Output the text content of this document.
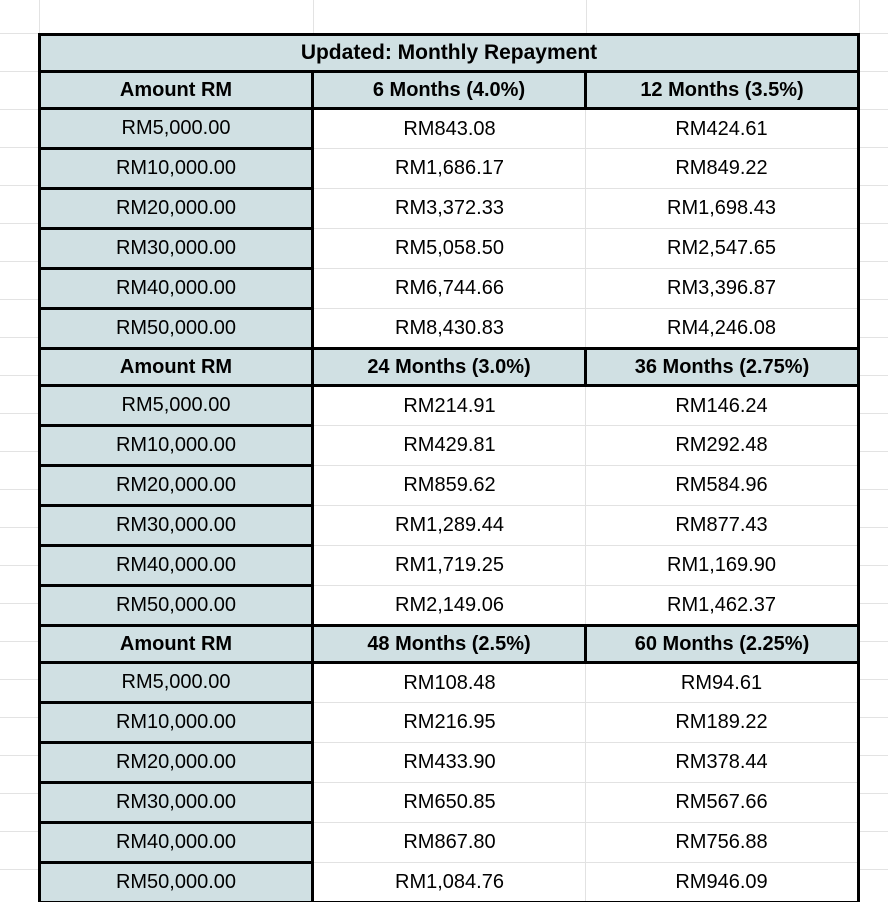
Updated: Monthly Repayment		
Amount RM	6 Months (4.0%)	12 Months (3.5%)
RM5,000.00	RM843.08	RM424.61
RM10,000.00	RM1,686.17	RM849.22
RM20,000.00	RM3,372.33	RM1,698.43
RM30,000.00	RM5,058.50	RM2,547.65
RM40,000.00	RM6,744.66	RM3,396.87
RM50,000.00	RM8,430.83	RM4,246.08
Amount RM	24 Months (3.0%)	36 Months (2.75%)
RM5,000.00	RM214.91	RM146.24
RM10,000.00	RM429.81	RM292.48
RM20,000.00	RM859.62	RM584.96
RM30,000.00	RM1,289.44	RM877.43
RM40,000.00	RM1,719.25	RM1,169.90
RM50,000.00	RM2,149.06	RM1,462.37
Amount RM	48 Months (2.5%)	60 Months (2.25%)
RM5,000.00	RM108.48	RM94.61
RM10,000.00	RM216.95	RM189.22
RM20,000.00	RM433.90	RM378.44
RM30,000.00	RM650.85	RM567.66
RM40,000.00	RM867.80	RM756.88
RM50,000.00	RM1,084.76	RM946.09
